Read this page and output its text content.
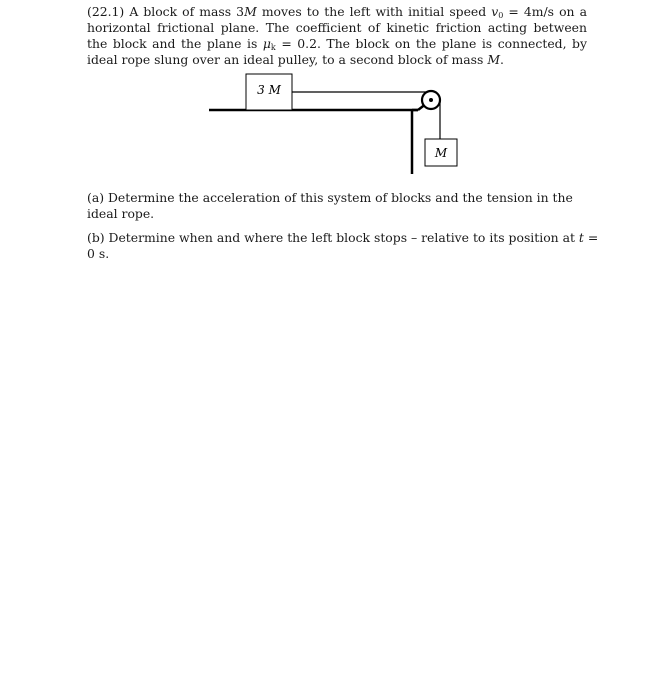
(22.1) A block of mass 3M moves to the left with initial speed $v_0 = 4m/s$ on a horizontal frictional plane. The coefficient of kinetic friction acting between the block and the plane is $\mu_k = 0.2$. The block on the plane is connected, by ideal rope slung over an ideal pulley, to a second block of mass M.

3 M
M

(a) Determine the acceleration of this system of blocks and the tension in the ideal rope.

(b) Determine when and where the left block stops – relative to its position at t = 0 s.
